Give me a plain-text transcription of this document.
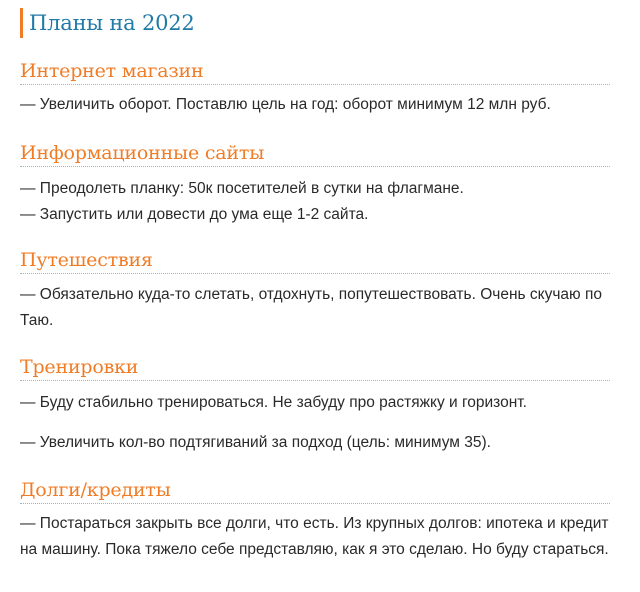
Планы на 2022
Интернет магазин

— Увеличить оборот. Поставлю цель на год: оборот минимум 12 млн руб.

Информационные сайты

— Преодолеть планку: 50к посетителей в сутки на флагмане.

— Запустить или довести до ума еще 1-2 сайта.

Путешествия

— Обязательно куда-то слетать, отдохнуть, попутешествовать. Очень скучаю по Таю.

Тренировки

— Буду стабильно тренироваться. Не забуду про растяжку и горизонт.

— Увеличить кол-во подтягиваний за подход (цель: минимум 35).

Долги/кредиты

— Постараться закрыть все долги, что есть. Из крупных долгов: ипотека и кредит на машину. Пока тяжело себе представляю, как я это сделаю. Но буду стараться.
